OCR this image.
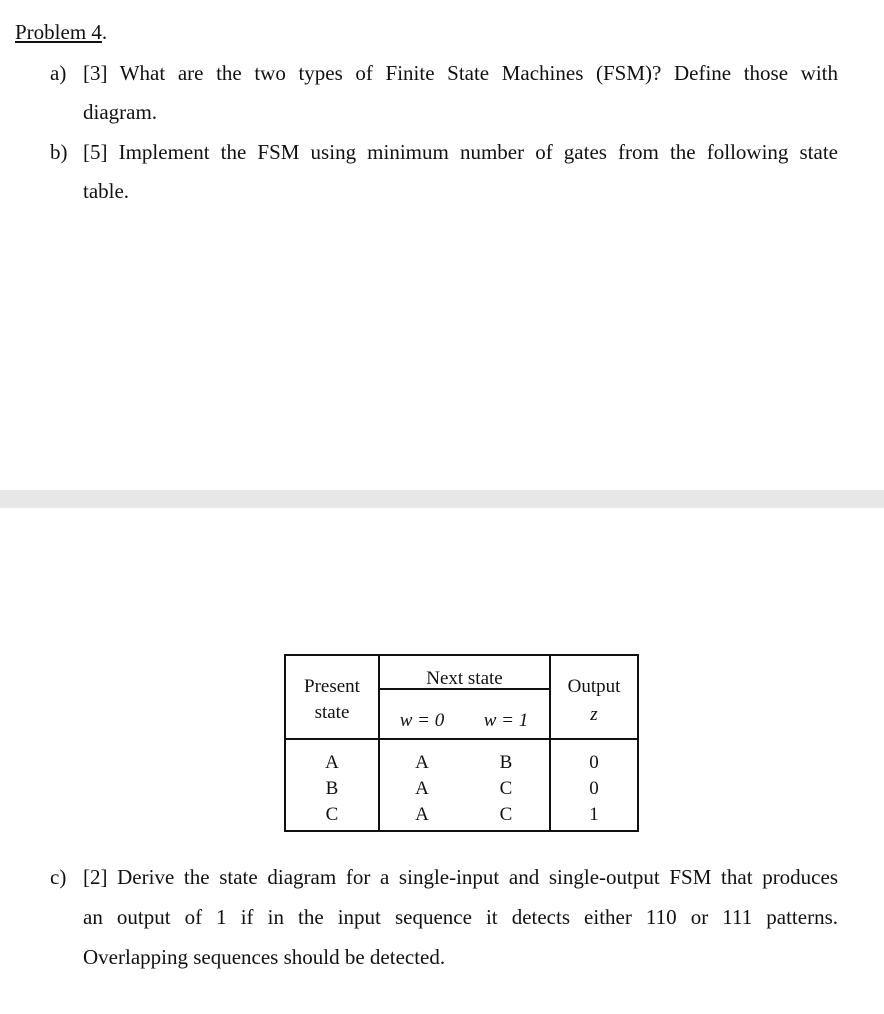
Problem 4.
a) [3] What are the two types of Finite State Machines (FSM)? Define those with
diagram.
b) [5] Implement the FSM using minimum number of gates from the following state
table.
Present
state
Next state
w = 0	w = 1
Output
z
A	A	B	0
B	A	C	0
C	A	C	1
c) [2] Derive the state diagram for a single-input and single-output FSM that produces
an output of 1 if in the input sequence it detects either 110 or 111 patterns.
Overlapping sequences should be detected.
